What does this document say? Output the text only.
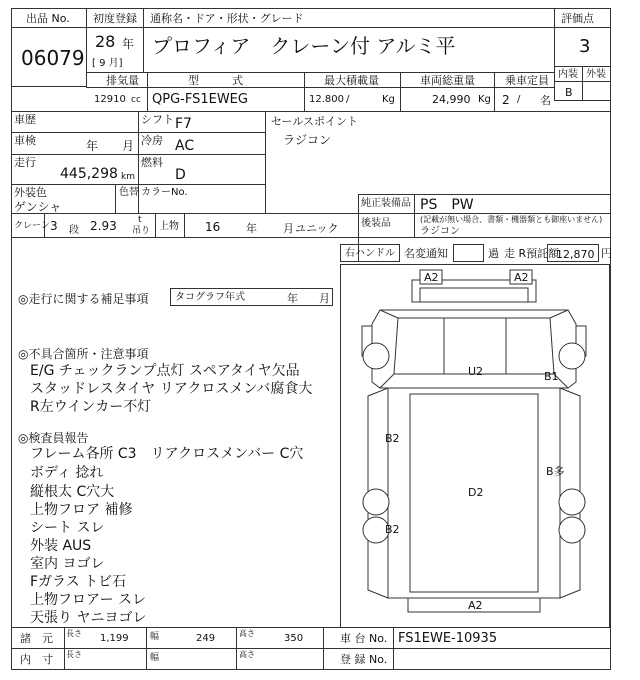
出品 No.
06079
初度登録
28 年
[ 9 月]
通称名・ドア・形状・グレード
プロフィア　クレーン付 アルミ平
評価点
3
内装 外装
B
排気量
12910 cc
型　　　式
QPG-FS1EWEG
最大積載量
12.800 /	Kg
車両総重量
24,990 Kg
乗車定員
2 / 名
車歴	シフト F7
車検	年 月 冷房 AC
走行
445,298 km
燃料
D
外装色
ゲンシャ
色替 カラーNo.
セールスポイント
ラジコン
純正装備品 PS　PW
後装品	(記載が無い場合、書類・機器類とも御座いません)
ラジコン
クレーン 3 段 2.93 t
吊り 上物 16 年 月 ユニック
右ハンドル 名変通知	過 走 R預託額
12,870 円
◎走行に関する補足事項	タコグラフ年式	年 月
◎不具合箇所・注意事項
E/G チェックランプ点灯 スペアタイヤ欠品
スタッドレスタイヤ リアクロスメンバ腐食大
R左ウインカー不灯
◎検査員報告
フレーム各所 C3　リアクロスメンバー C穴
ボディ 捻れ
縦根太 C穴大
上物フロア 補修
シート スレ
外装 AUS
室内 ヨゴレ
Fガラス トビ石
上物フロアー スレ
天張り ヤニヨゴレ
A2	A2
U2	B1
B2
B多
D2
B2
A2
諸　元 長さ 1,199 幅	249	高さ	350	車 台 No. FS1EWE-10935
内　寸 長さ	幅	高さ	登 録 No.
